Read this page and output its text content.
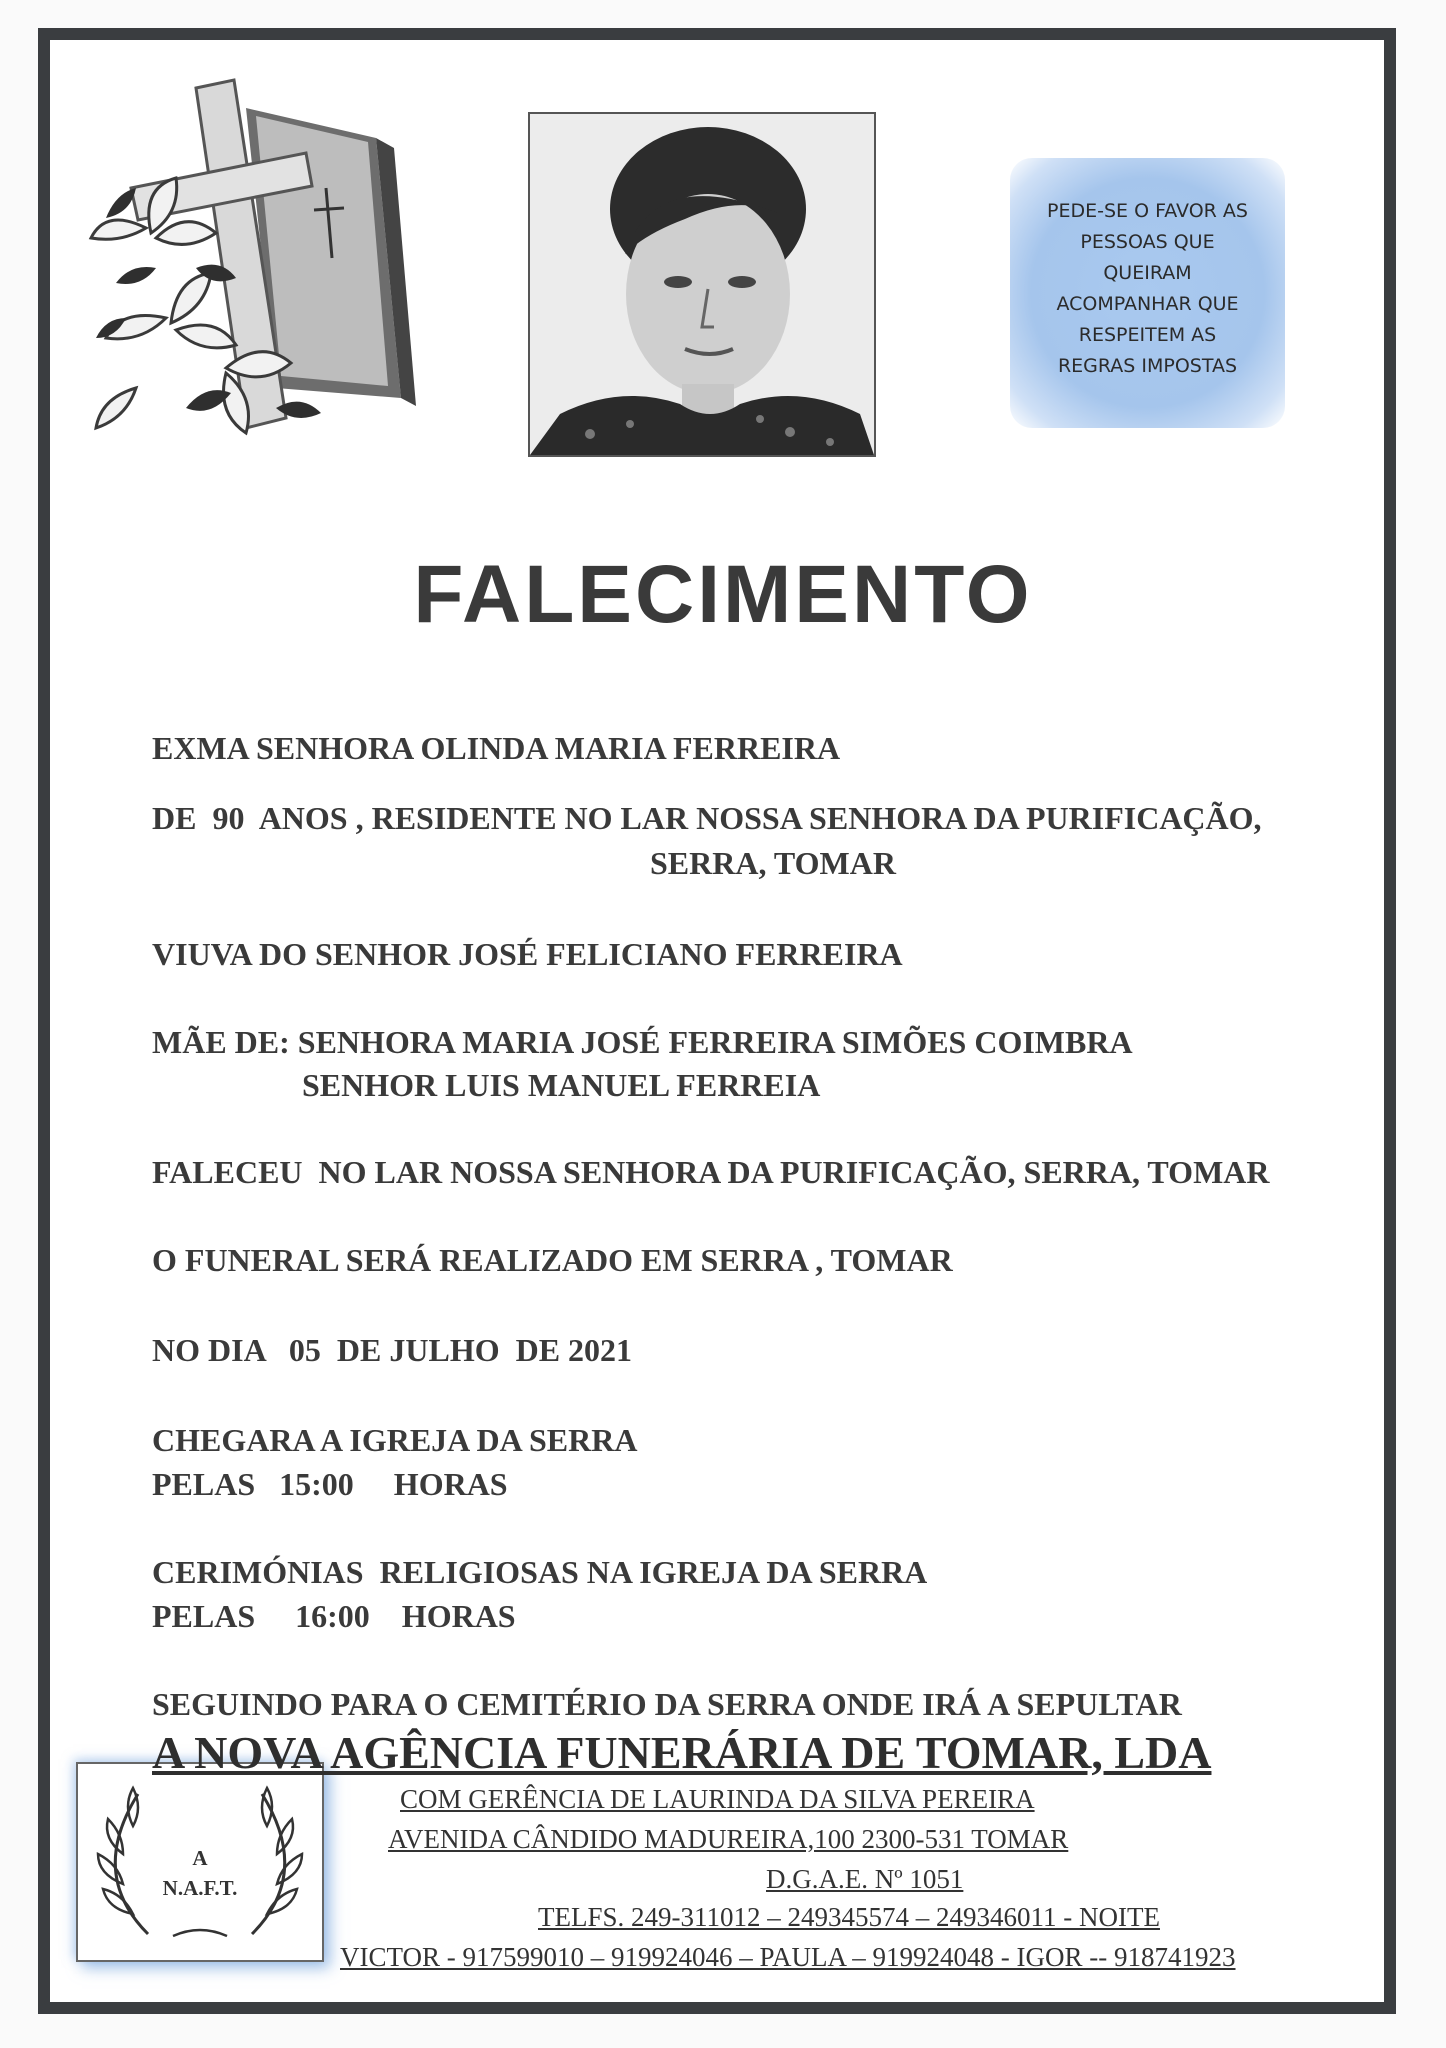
PEDE-SE O FAVOR AS
PESSOAS QUE
QUEIRAM
ACOMPANHAR QUE
RESPEITEM AS
REGRAS IMPOSTAS
FALECIMENTO
EXMA SENHORA OLINDA MARIA FERREIRA
DE  90  ANOS , RESIDENTE NO LAR NOSSA SENHORA DA PURIFICAÇÃO,
SERRA, TOMAR
VIUVA DO SENHOR JOSÉ FELICIANO FERREIRA
MÃE DE: SENHORA MARIA JOSÉ FERREIRA SIMÕES COIMBRA
SENHOR LUIS MANUEL FERREIA
FALECEU  NO LAR NOSSA SENHORA DA PURIFICAÇÃO, SERRA, TOMAR
O FUNERAL SERÁ REALIZADO EM SERRA , TOMAR
NO DIA   05  DE JULHO  DE 2021
CHEGARA A IGREJA DA SERRA
PELAS   15:00     HORAS
CERIMÓNIAS  RELIGIOSAS NA IGREJA DA SERRA
PELAS     16:00    HORAS
SEGUINDO PARA O CEMITÉRIO DA SERRA ONDE IRÁ A SEPULTAR
A
N.A.F.T.
A NOVA AGÊNCIA FUNERÁRIA DE TOMAR, LDA
COM GERÊNCIA DE LAURINDA DA SILVA PEREIRA
AVENIDA CÂNDIDO MADUREIRA,100 2300-531 TOMAR
D.G.A.E. Nº 1051
TELFS. 249-311012 – 249345574 – 249346011 - NOITE
VICTOR - 917599010 – 919924046 – PAULA – 919924048 - IGOR -- 918741923
